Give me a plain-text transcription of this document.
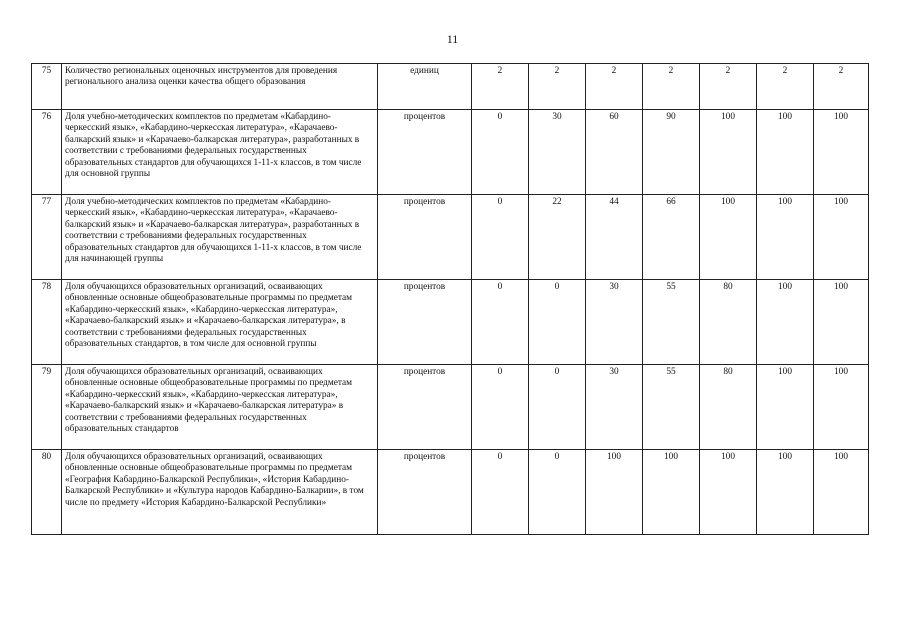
11
75	Количество региональных оценочных инструментов для проведения регионального анализа оценки качества общего образования	единиц	2	2	2	2	2	2	2
76	Доля учебно-методических комплектов по предметам «Кабардино-черкесский язык», «Кабардино-черкесская литература», «Карачаево-балкарский язык» и «Карачаево-балкарская литература», разработанных в соответствии с требованиями федеральных государственных образовательных стандартов для обучающихся 1-11-х классов, в том числе для основной группы	процентов	0	30	60	90	100	100	100
77	Доля учебно-методических комплектов по предметам «Кабардино-черкесский язык», «Кабардино-черкесская литература», «Карачаево-балкарский язык» и «Карачаево-балкарская литература», разработанных в соответствии с требованиями федеральных государственных образовательных стандартов для обучающихся 1-11-х классов, в том числе для начинающей группы	процентов	0	22	44	66	100	100	100
78	Доля обучающихся образовательных организаций, осваивающих обновленные основные общеобразовательные программы по предметам «Кабардино-черкесский язык», «Кабардино-черкесская литература», «Карачаево-балкарский язык» и «Карачаево-балкарская литература», в соответствии с требованиями федеральных государственных образовательных стандартов, в том числе для основной группы	процентов	0	0	30	55	80	100	100
79	Доля обучающихся образовательных организаций, осваивающих обновленные основные общеобразовательные программы по предметам «Кабардино-черкесский язык», «Кабардино-черкесская литература», «Карачаево-балкарский язык» и «Карачаево-балкарская литература» в соответствии с требованиями федеральных государственных образовательных стандартов	процентов	0	0	30	55	80	100	100
80	Доля обучающихся образовательных организаций, осваивающих обновленные основные общеобразовательные программы по предметам «География Кабардино-Балкарской Республики», «История Кабардино-Балкарской Республики» и «Культура народов Кабардино-Балкарии», в том числе по предмету «История Кабардино-Балкарской Республики»	процентов	0	0	100	100	100	100	100
